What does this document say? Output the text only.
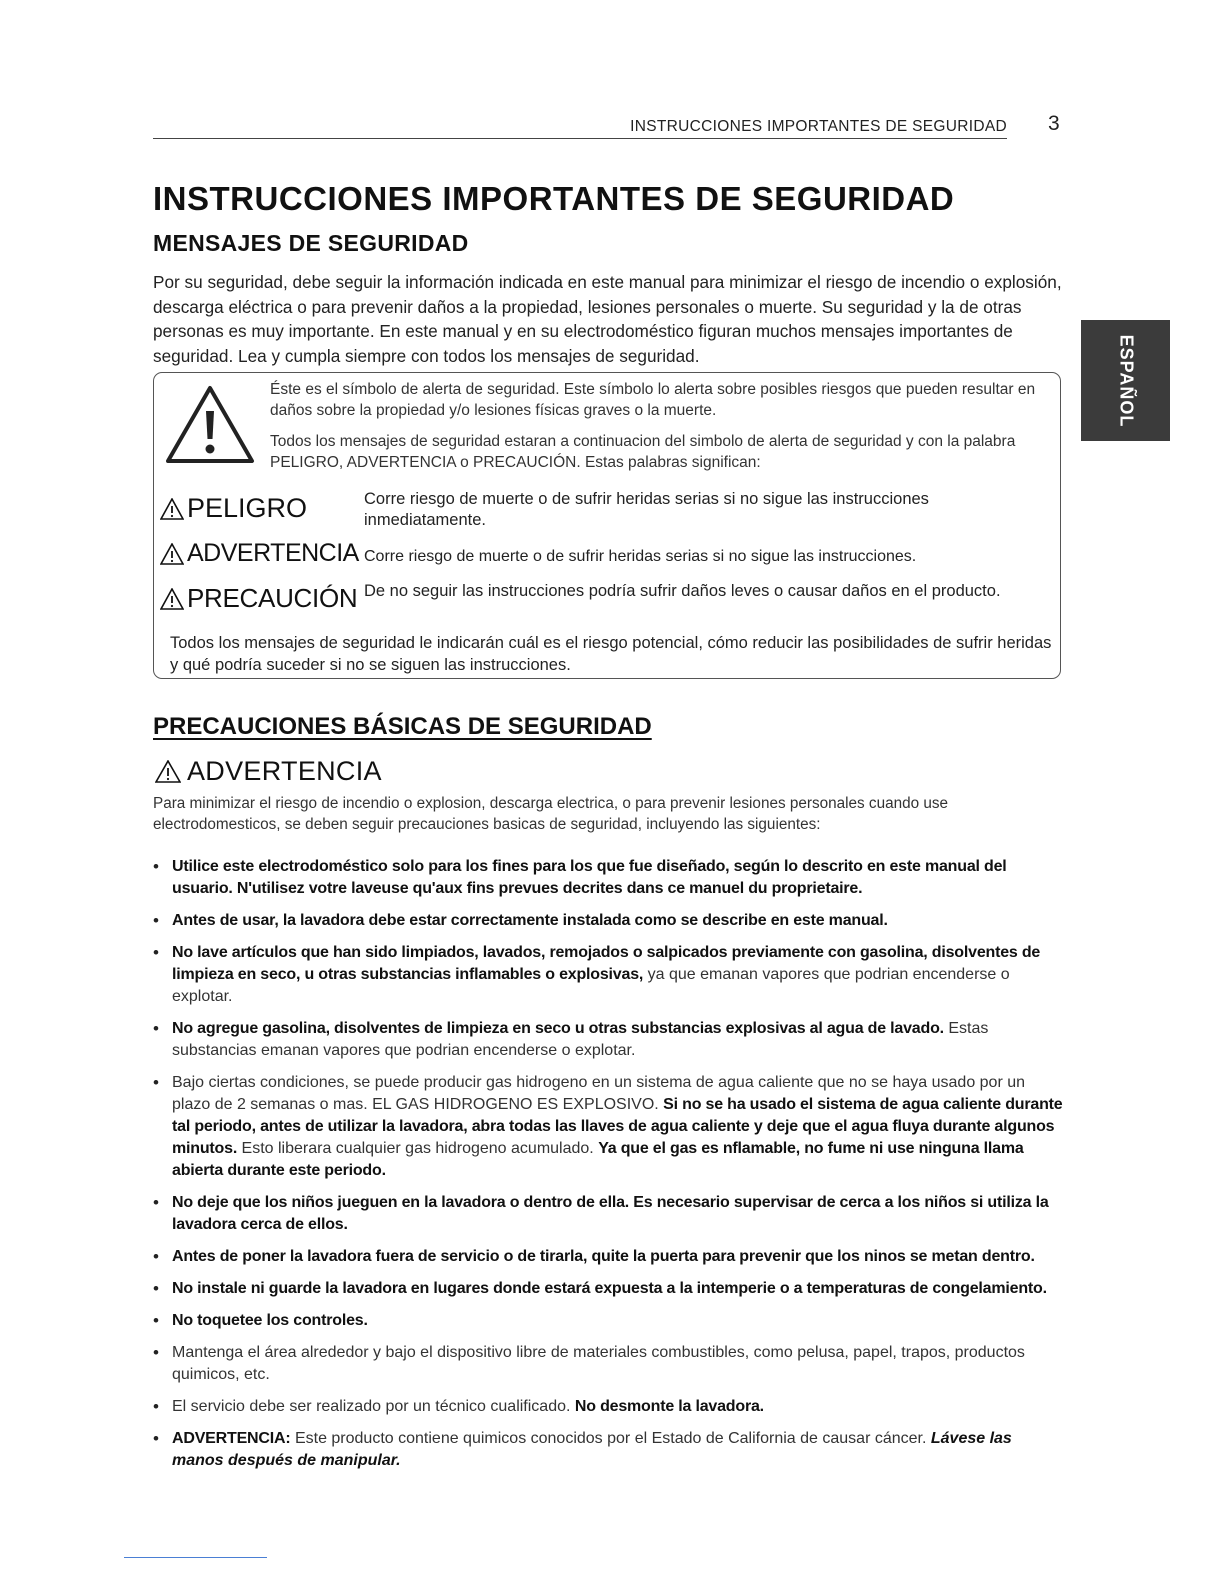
INSTRUCCIONES IMPORTANTES DE SEGURIDAD 3
ESPAÑOL
INSTRUCCIONES IMPORTANTES DE SEGURIDAD
MENSAJES DE SEGURIDAD
Por su seguridad, debe seguir la información indicada en este manual para minimizar el riesgo de incendio o explosión, descarga eléctrica o para prevenir daños a la propiedad, lesiones personales o muerte. Su seguridad y la de otras personas es muy importante. En este manual y en su electrodoméstico figuran muchos mensajes importantes de seguridad. Lea y cumpla siempre con todos los mensajes de seguridad.
Éste es el símbolo de alerta de seguridad. Este símbolo lo alerta sobre posibles riesgos que pueden resultar en daños sobre la propiedad y/o lesiones físicas graves o la muerte.
Todos los mensajes de seguridad estaran a continuacion del simbolo de alerta de seguridad y con la palabra PELIGRO, ADVERTENCIA o PRECAUCIÓN. Estas palabras significan:
PELIGRO	Corre riesgo de muerte o de sufrir heridas serias si no sigue las instrucciones inmediatamente.
ADVERTENCIA Corre riesgo de muerte o de sufrir heridas serias si no sigue las instrucciones.
PRECAUCIÓN De no seguir las instrucciones podría sufrir daños leves o causar daños en el producto.
Todos los mensajes de seguridad le indicarán cuál es el riesgo potencial, cómo reducir las posibilidades de sufrir heridas y qué podría suceder si no se siguen las instrucciones.
PRECAUCIONES BÁSICAS DE SEGURIDAD
ADVERTENCIA
Para minimizar el riesgo de incendio o explosion, descarga electrica, o para prevenir lesiones personales cuando use electrodomesticos, se deben seguir precauciones basicas de seguridad, incluyendo las siguientes:
• Utilice este electrodoméstico solo para los fines para los que fue diseñado, según lo descrito en este manual del usuario. N'utilisez votre laveuse qu'aux fins prevues decrites dans ce manuel du proprietaire.
• Antes de usar, la lavadora debe estar correctamente instalada como se describe en este manual.
• No lave artículos que han sido limpiados, lavados, remojados o salpicados previamente con gasolina, disolventes de limpieza en seco, u otras substancias inflamables o explosivas, ya que emanan vapores que podrian encenderse o explotar.
• No agregue gasolina, disolventes de limpieza en seco u otras substancias explosivas al agua de lavado. Estas substancias emanan vapores que podrian encenderse o explotar.
• Bajo ciertas condiciones, se puede producir gas hidrogeno en un sistema de agua caliente que no se haya usado por un plazo de 2 semanas o mas. EL GAS HIDROGENO ES EXPLOSIVO. Si no se ha usado el sistema de agua caliente durante tal periodo, antes de utilizar la lavadora, abra todas las llaves de agua caliente y deje que el agua fluya durante algunos minutos. Esto liberara cualquier gas hidrogeno acumulado. Ya que el gas es nflamable, no fume ni use ninguna llama abierta durante este periodo.
• No deje que los niños jueguen en la lavadora o dentro de ella. Es necesario supervisar de cerca a los niños si utiliza la lavadora cerca de ellos.
• Antes de poner la lavadora fuera de servicio o de tirarla, quite la puerta para prevenir que los ninos se metan dentro.
• No instale ni guarde la lavadora en lugares donde estará expuesta a la intemperie o a temperaturas de congelamiento.
• No toquetee los controles.
• Mantenga el área alrededor y bajo el dispositivo libre de materiales combustibles, como pelusa, papel, trapos, productos quimicos, etc.
• El servicio debe ser realizado por un técnico cualificado. No desmonte la lavadora.
• ADVERTENCIA: Este producto contiene quimicos conocidos por el Estado de California de causar cáncer. Lávese las manos después de manipular.
